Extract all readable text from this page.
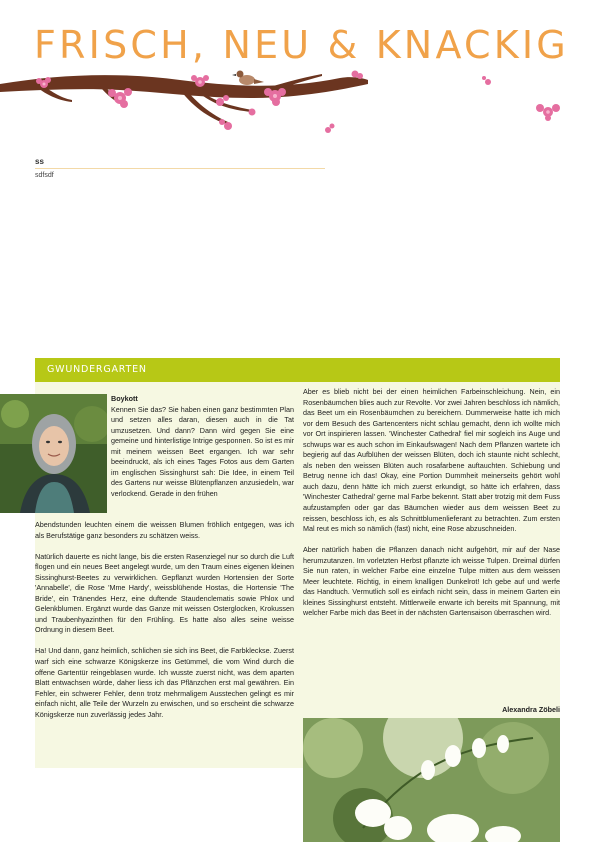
FRISCH, NEU & KNACKIG
ss
sdfsdf
GWUNDERGARTEN
Boykott
Kennen Sie das? Sie haben einen ganz bestimmten Plan und setzen alles daran, diesen auch in die Tat umzusetzen. Und dann? Dann wird gegen Sie eine gemeine und hinterlistige Intrige gesponnen. So ist es mir mit meinem weissen Beet ergangen. Ich war sehr beeindruckt, als ich eines Tages Fotos aus dem Garten im englischen Sissinghurst sah: Die Idee, in einem Teil des Gartens nur weisse Blütenpflanzen anzusiedeln, war verlockend. Gerade in den frühen

Abendstunden leuchten einem die weissen Blumen fröhlich entgegen, was ich als Berufstätige ganz besonders zu schätzen weiss.

Natürlich dauerte es nicht lange, bis die ersten Rasenziegel nur so durch die Luft flogen und ein neues Beet angelegt wurde, um den Traum eines eigenen kleinen Sissinghurst-Beetes zu verwirklichen. Gepflanzt wurden Hortensien der Sorte 'Annabelle', die Rose 'Mme Hardy', weissblühende Hostas, die Hortensie 'The Bride', ein Tränendes Herz, eine duftende Staudenclematis sowie Phlox und Gelenkblumen. Ergänzt wurde das Ganze mit weissen Osterglocken, Krokussen und Traubenhyazinthen für den Frühling. Es hatte also alles seine weisse Ordnung in diesem Beet.

Ha! Und dann, ganz heimlich, schlichen sie sich ins Beet, die Farbkleckse. Zuerst warf sich eine schwarze Königskerze ins Getümmel, die vom Wind durch die offene Gartentür reingeblasen wurde. Ich wusste zuerst nicht, was dem aparten Blatt entwachsen würde, daher liess ich das Pflänzchen erst mal gewähren. Ein Fehler, ein schwerer Fehler, denn trotz mehrmaligem Ausstechen gelingt es mir einfach nicht, alle Teile der Wurzeln zu erwischen, und so erscheint die schwarze Königskerze nun zuverlässig jedes Jahr.

Aber es blieb nicht bei der einen heimlichen Farbeinschleichung. Nein, ein Rosenbäumchen blies auch zur Revolte. Vor zwei Jahren beschloss ich nämlich, das Beet um ein Rosenbäumchen zu bereichern. Dummerweise hatte ich mich vor dem Besuch des Gartencenters nicht schlau gemacht, denn ich wollte mich vor Ort inspirieren lassen. 'Winchester Cathedral' fiel mir sogleich ins Auge und schwups war es auch schon im Einkaufswagen! Nach dem Pflanzen wartete ich begierig auf das Aufblühen der weissen Blüten, doch ich staunte nicht schlecht, als neben den weissen Blüten auch rosafarbene auftauchten. Schiebung und Betrug nenne ich das! Okay, eine Portion Dummheit meinerseits gehört wohl auch dazu, denn hätte ich mich zuerst erkundigt, so hätte ich erfahren, dass 'Winchester Cathedral' gerne mal Farbe bekennt. Statt aber trotzig mit dem Fuss aufzustampfen oder gar das Bäumchen wieder aus dem weissen Beet zu reissen, beschloss ich, es als Schnittblumenlieferant zu betrachten. Zum ersten Mal reut es mich so nämlich (fast) nicht, eine Rose abzuschneiden.

Aber natürlich haben die Pflanzen danach nicht aufgehört, mir auf der Nase herumzutanzen. Im vorletzten Herbst pflanzte ich weisse Tulpen. Dreimal dürfen Sie nun raten, in welcher Farbe eine einzelne Tulpe mitten aus dem weissen Meer leuchtete. Richtig, in einem knalligen Dunkelrot! Ich gebe auf und werfe das Handtuch. Vermutlich soll es einfach nicht sein, dass in meinem Garten ein kleines Sissinghurst entsteht. Mittlerweile erwarte ich bereits mit Spannung, mit welcher Farbe mich das Beet in der nächsten Gartensaison überraschen wird.

Alexandra Zöbeli
